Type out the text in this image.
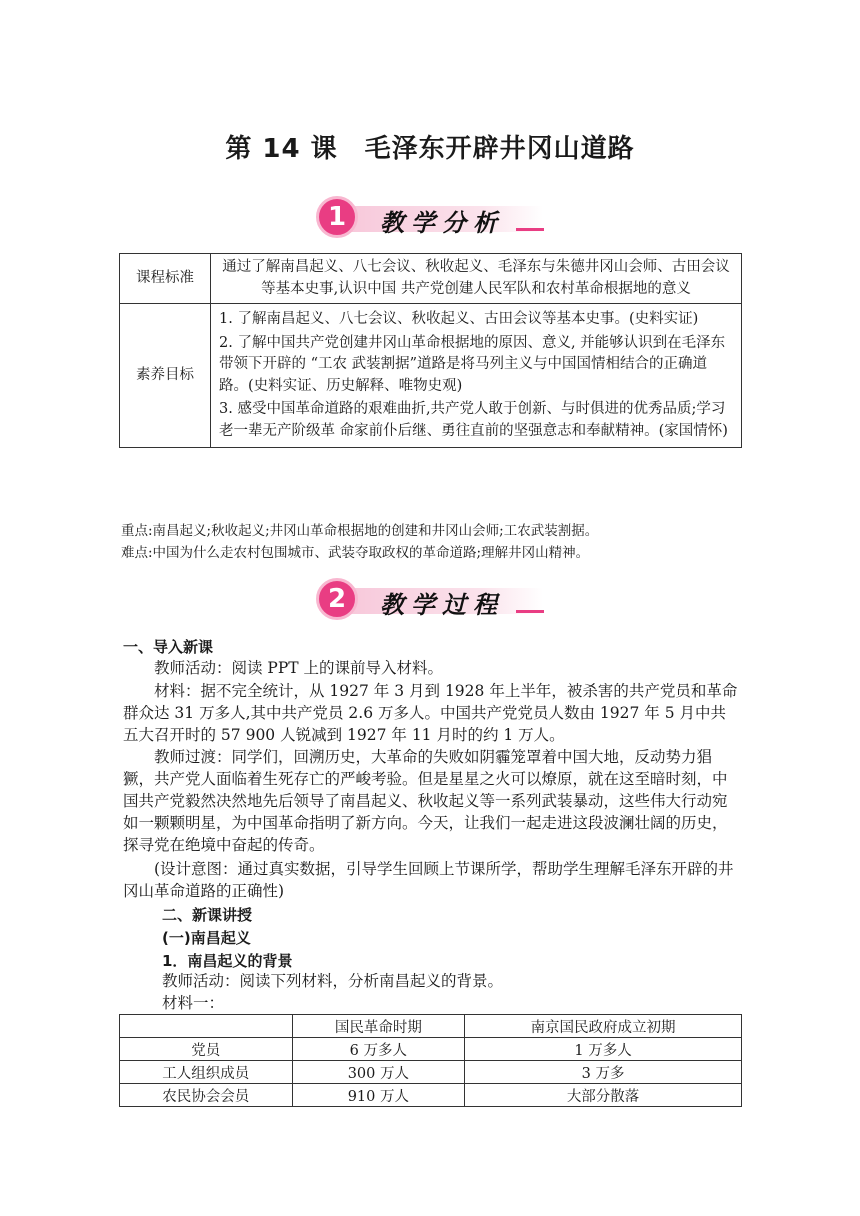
第 14 课　毛泽东开辟井冈山道路
1	教学分析
课程标准	通过了解南昌起义、八七会议、秋收起义、毛泽东与朱德井冈山会师、古田会议等基本史事,认识中国 共产党创建人民军队和农村革命根据地的意义
素养目标	1. 了解南昌起义、八七会议、秋收起义、古田会议等基本史事。(史料实证)
2. 了解中国共产党创建井冈山革命根据地的原因、意义, 并能够认识到在毛泽东带领下开辟的 “工农 武装割据”道路是将马列主义与中国国情相结合的正确道路。(史料实证、历史解释、唯物史观)
3. 感受中国革命道路的艰难曲折,共产党人敢于创新、与时俱进的优秀品质;学习老一辈无产阶级革 命家前仆后继、勇往直前的坚强意志和奉献精神。(家国情怀)
重点:南昌起义;秋收起义;井冈山革命根据地的创建和井冈山会师;工农武装割据。
难点:中国为什么走农村包围城市、武装夺取政权的革命道路;理解井冈山精神。
2	教学过程
一、导入新课
教师活动：阅读 PPT 上的课前导入材料。
材料：据不完全统计，从 1927 年 3 月到 1928 年上半年，被杀害的共产党员和革命群众达 31 万多人,其中共产党员 2.6 万多人。中国共产党党员人数由 1927 年 5 月中共五大召开时的 57 900 人锐减到 1927 年 11 月时的约 1 万人。
教师过渡：同学们，回溯历史，大革命的失败如阴霾笼罩着中国大地，反动势力猖獗，共产党人面临着生死存亡的严峻考验。但是星星之火可以燎原，就在这至暗时刻，中国共产党毅然决然地先后领导了南昌起义、秋收起义等一系列武装暴动，这些伟大行动宛如一颗颗明星，为中国革命指明了新方向。今天，让我们一起走进这段波澜壮阔的历史，探寻党在绝境中奋起的传奇。
(设计意图：通过真实数据，引导学生回顾上节课所学，帮助学生理解毛泽东开辟的井冈山革命道路的正确性)
二、新课讲授
(一)南昌起义
1．南昌起义的背景
教师活动：阅读下列材料，分析南昌起义的背景。
材料一：
	国民革命时期	南京国民政府成立初期
党员	6 万多人	1 万多人
工人组织成员	300 万人	3 万多
农民协会会员	910 万人	大部分散落
